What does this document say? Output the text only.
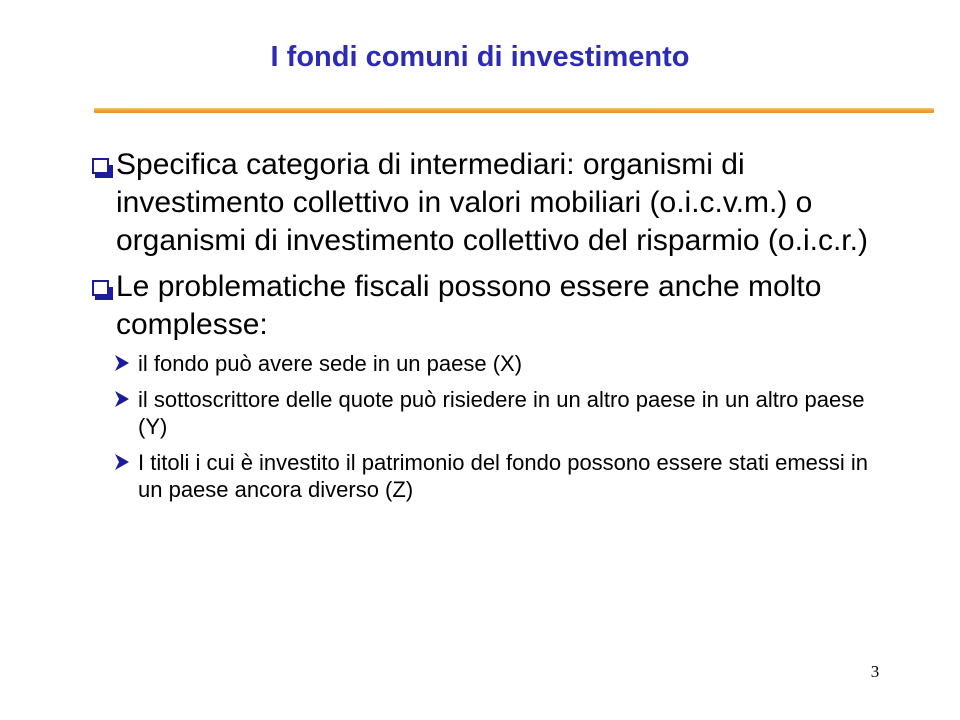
I fondi comuni di investimento
Specifica categoria di intermediari: organismi di investimento collettivo in valori mobiliari (o.i.c.v.m.) o organismi di investimento collettivo del risparmio (o.i.c.r.)
Le problematiche fiscali possono essere anche molto complesse:
il fondo può avere sede in un paese (X)
il sottoscrittore delle quote può risiedere in un altro paese in un altro paese (Y)
I titoli i cui è investito il patrimonio del fondo possono essere stati emessi in un paese ancora diverso (Z)
3
